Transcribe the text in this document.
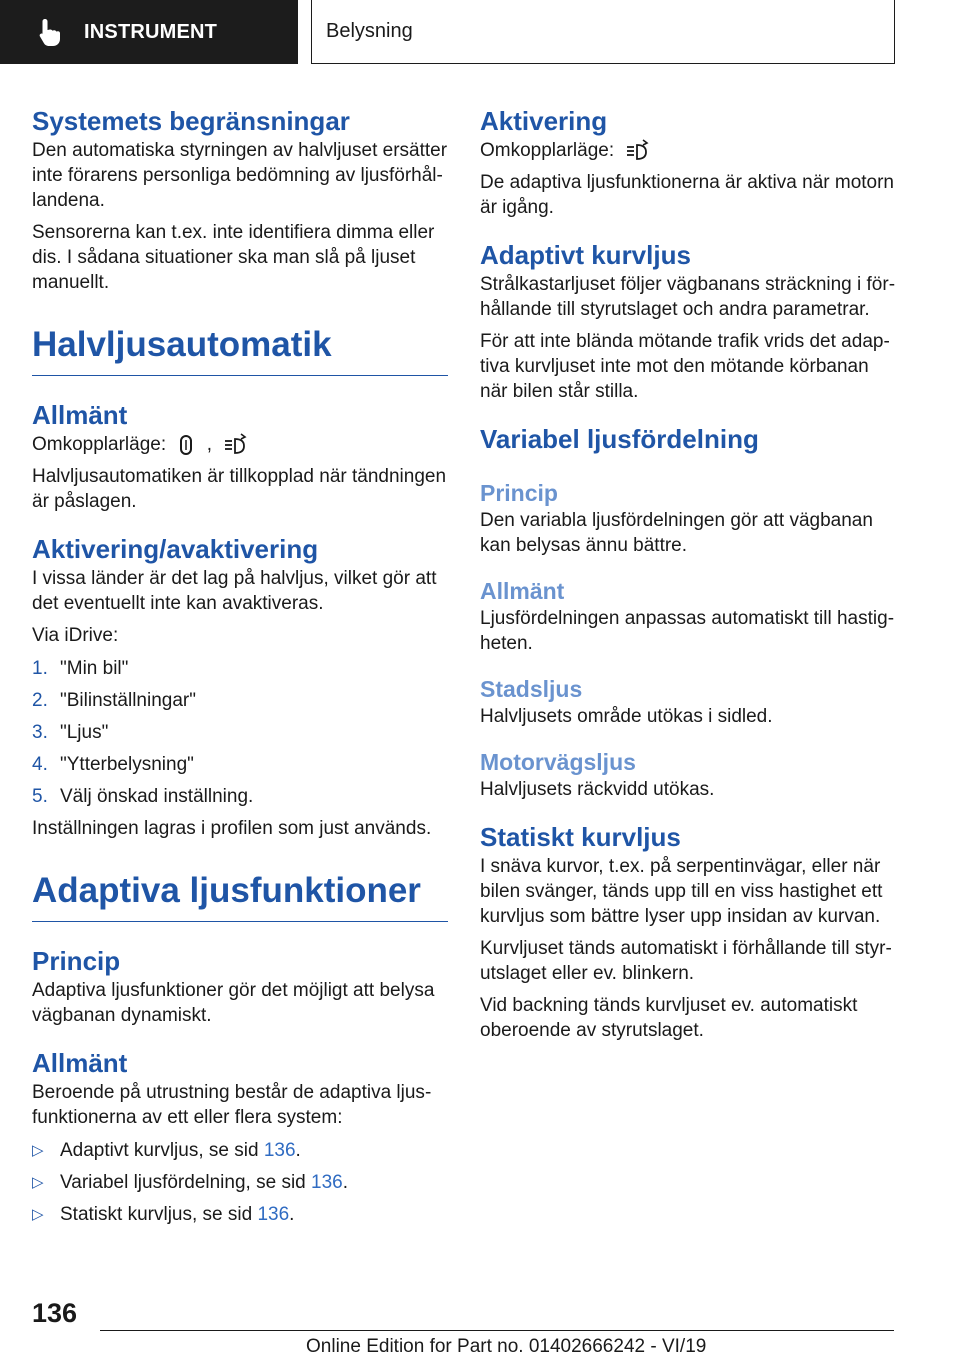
INSTRUMENT	Belysning
Systemets begränsningar

Den automatiska styrningen av halvljuset ersätter inte förarens personliga bedömning av ljusförhållandena.

Sensorerna kan t.ex. inte identifiera dimma eller dis. I sådana situationer ska man slå på ljuset manuellt.

Halvljusautomatik
Allmänt

Omkopplarläge: ,

Halvljusautomatiken är tillkopplad när tändningen är påslagen.

Aktivering/avaktivering

I vissa länder är det lag på halvljus, vilket gör att det eventuellt inte kan avaktiveras.

Via iDrive:

1. "Min bil"
2. "Bilinställningar"
3. "Ljus"
4. "Ytterbelysning"
5. Välj önskad inställning.

Inställningen lagras i profilen som just används.

Adaptiva ljusfunktioner
Princip

Adaptiva ljusfunktioner gör det möjligt att belysa vägbanan dynamiskt.

Allmänt

Beroende på utrustning består de adaptiva ljusfunktionerna av ett eller flera system:

▷ Adaptivt kurvljus, se sid 136.
▷ Variabel ljusfördelning, se sid 136.
▷ Statiskt kurvljus, se sid 136.
Aktivering

Omkopplarläge:

De adaptiva ljusfunktionerna är aktiva när motorn är igång.

Adaptivt kurvljus

Strålkastarljuset följer vägbanans sträckning i förhållande till styrutslaget och andra parametrar.

För att inte blända mötande trafik vrids det adaptiva kurvljuset inte mot den mötande körbanan när bilen står stilla.

Variabel ljusfördelning
Princip

Den variabla ljusfördelningen gör att vägbanan kan belysas ännu bättre.

Allmänt

Ljusfördelningen anpassas automatiskt till hastigheten.

Stadsljus

Halvljusets område utökas i sidled.

Motorvägsljus

Halvljusets räckvidd utökas.

Statiskt kurvljus

I snäva kurvor, t.ex. på serpentinvägar, eller när bilen svänger, tänds upp till en viss hastighet ett kurvljus som bättre lyser upp insidan av kurvan.

Kurvljuset tänds automatiskt i förhållande till styrutslaget eller ev. blinkern.

Vid backning tänds kurvljuset ev. automatiskt oberoende av styrutslaget.

136
Online Edition for Part no. 01402666242 - VI/19
